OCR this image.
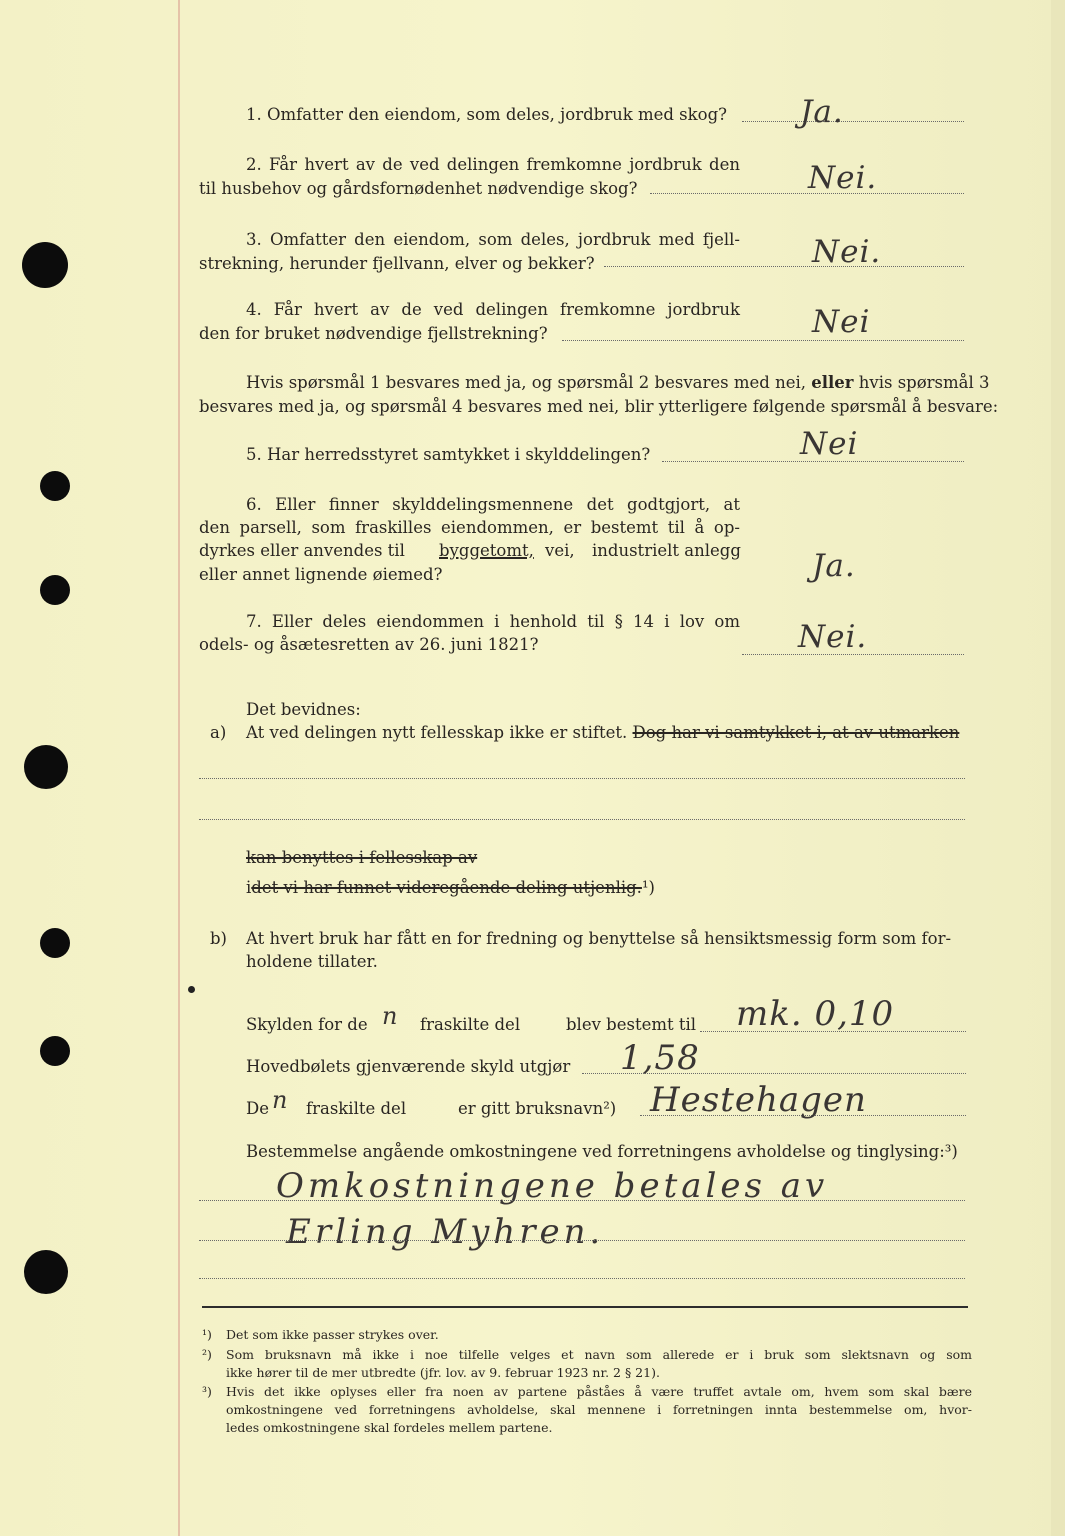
1. Omfatter den eiendom, som deles, jordbruk med skog? Ja.
2. Får hvert av de ved delingen fremkomne jordbruk den
til husbehov og gårdsfornødenhet nødvendige skog?	Nei.
3. Omfatter den eiendom, som deles, jordbruk med fjell-
strekning, herunder fjellvann, elver og bekker?	Nei.
4. Får hvert av de ved delingen fremkomne jordbruk
den for bruket nødvendige fjellstrekning?	Nei
Hvis spørsmål 1 besvares med ja, og spørsmål 2 besvares med nei, eller hvis spørsmål 3
besvares med ja, og spørsmål 4 besvares med nei, blir ytterligere følgende spørsmål å besvare:
5. Har herredsstyret samtykket i skylddelingen?	Nei
6. Eller finner skylddelingsmennene det godtgjort, at
den parsell, som fraskilles eiendommen, er bestemt til å op-
dyrkes eller anvendes til byggetomt, vei, industrielt anlegg
eller annet lignende øiemed?	Ja.
7. Eller deles eiendommen i henhold til § 14 i lov om
odels- og åsætesretten av 26. juni 1821?	Nei.
Det bevidnes:
a) At ved delingen nytt fellesskap ikke er stiftet. Dog har vi samtykket i, at av utmarken
kan benyttes i fellesskap av
idet vi har funnet videregående deling utjenlig.¹)
b) At hvert bruk har fått en for fredning og benyttelse så hensiktsmessig form som for-
holdene tillater.
Skylden for de n fraskilte del	blev bestemt til mk. 0,10
Hovedbølets gjenværende skyld utgjør 1,58
De n fraskilte del	er gitt bruksnavn²) Hestehagen
Bestemmelse angående omkostningene ved forretningens avholdelse og tinglysing:³)
Omkostningene betales av
Erling Myhren.
¹) Det som ikke passer strykes over.
²) Som bruksnavn må ikke i noe tilfelle velges et navn som allerede er i bruk som slektsnavn og som
ikke hører til de mer utbredte (jfr. lov. av 9. februar 1923 nr. 2 § 21).
³) Hvis det ikke oplyses eller fra noen av partene påståes å være truffet avtale om, hvem som skal bære
omkostningene ved forretningens avholdelse, skal mennene i forretningen innta bestemmelse om, hvor-
ledes omkostningene skal fordeles mellem partene.
